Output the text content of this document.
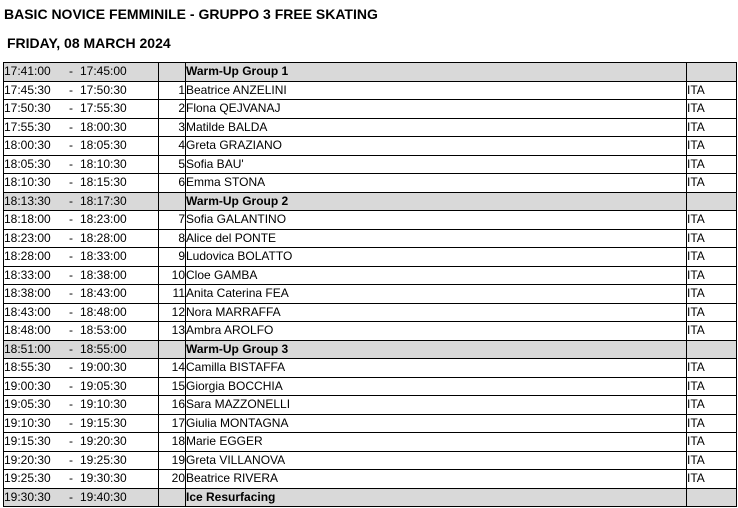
BASIC NOVICE FEMMINILE - GRUPPO 3 FREE SKATING
FRIDAY, 08 MARCH 2024
17:41:00 - 17:45:00		Warm-Up Group 1	
17:45:30 - 17:50:30	1	Beatrice ANZELINI	ITA
17:50:30 - 17:55:30	2	Flona QEJVANAJ	ITA
17:55:30 - 18:00:30	3	Matilde BALDA	ITA
18:00:30 - 18:05:30	4	Greta GRAZIANO	ITA
18:05:30 - 18:10:30	5	Sofia BAU'	ITA
18:10:30 - 18:15:30	6	Emma STONA	ITA
18:13:30 - 18:17:30		Warm-Up Group 2	
18:18:00 - 18:23:00	7	Sofia GALANTINO	ITA
18:23:00 - 18:28:00	8	Alice del PONTE	ITA
18:28:00 - 18:33:00	9	Ludovica BOLATTO	ITA
18:33:00 - 18:38:00	10	Cloe GAMBA	ITA
18:38:00 - 18:43:00	11	Anita Caterina FEA	ITA
18:43:00 - 18:48:00	12	Nora MARRAFFA	ITA
18:48:00 - 18:53:00	13	Ambra AROLFO	ITA
18:51:00 - 18:55:00		Warm-Up Group 3	
18:55:30 - 19:00:30	14	Camilla BISTAFFA	ITA
19:00:30 - 19:05:30	15	Giorgia BOCCHIA	ITA
19:05:30 - 19:10:30	16	Sara MAZZONELLI	ITA
19:10:30 - 19:15:30	17	Giulia MONTAGNA	ITA
19:15:30 - 19:20:30	18	Marie EGGER	ITA
19:20:30 - 19:25:30	19	Greta VILLANOVA	ITA
19:25:30 - 19:30:30	20	Beatrice RIVERA	ITA
19:30:30 - 19:40:30		Ice Resurfacing	
